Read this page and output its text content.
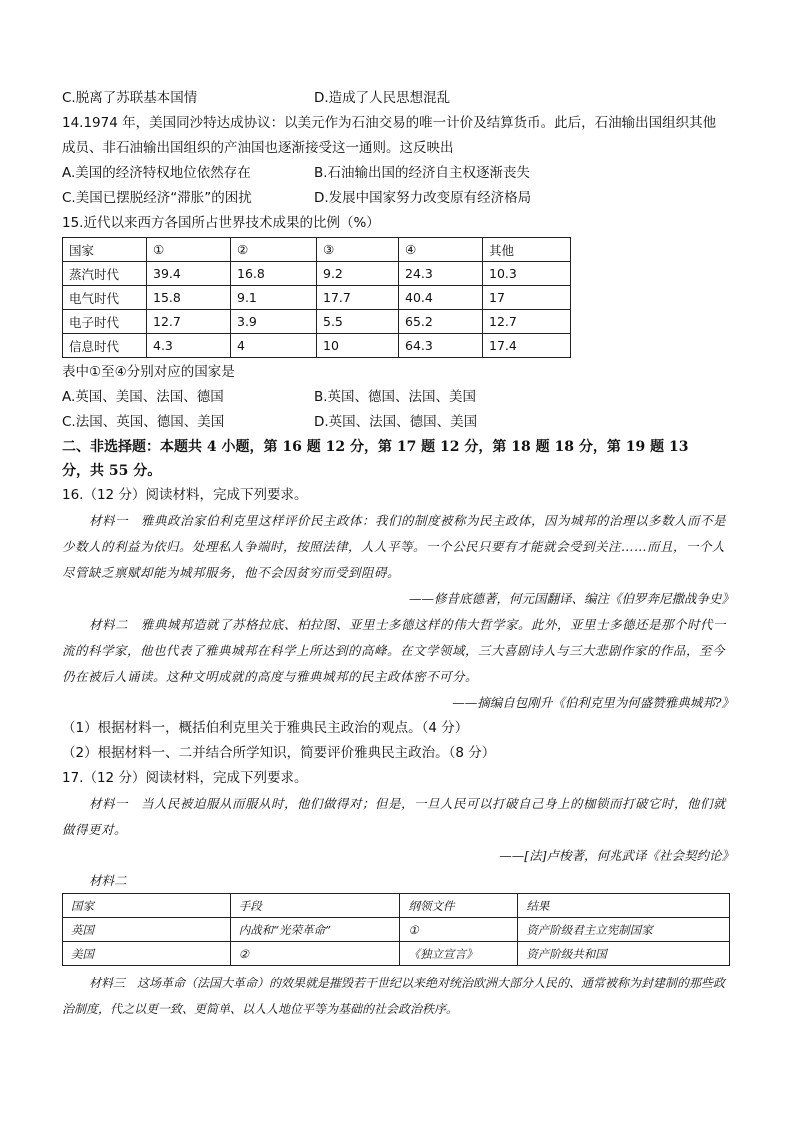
C.脱离了苏联基本国情	D.造成了人民思想混乱
14.1974 年，美国同沙特达成协议：以美元作为石油交易的唯一计价及结算货币。此后，石油输出国组织其他
成员、非石油输出国组织的产油国也逐渐接受这一通则。这反映出
A.美国的经济特权地位依然存在	B.石油输出国的经济自主权逐渐丧失
C.美国已摆脱经济“滞胀”的困扰	D.发展中国家努力改变原有经济格局
15.近代以来西方各国所占世界技术成果的比例（%）
国家	①	②	③	④	其他
蒸汽时代	39.4	16.8	9.2	24.3	10.3
电气时代	15.8	9.1	17.7	40.4	17
电子时代	12.7	3.9	5.5	65.2	12.7
信息时代	4.3	4	10	64.3	17.4
表中①至④分别对应的国家是
A.英国、美国、法国、德国	B.英国、德国、法国、美国
C.法国、英国、德国、美国	D.英国、法国、德国、美国
二、非选择题：本题共 4 小题，第 16 题 12 分，第 17 题 12 分，第 18 题 18 分，第 19 题 13
分，共 55 分。
16.（12 分）阅读材料，完成下列要求。
材料一　雅典政治家伯利克里这样评价民主政体：我们的制度被称为民主政体，因为城邦的治理以多数人而不是少数人的利益为依归。处理私人争端时，按照法律，人人平等。一个公民只要有才能就会受到关注……而且，一个人尽管缺乏禀赋却能为城邦服务，他不会因贫穷而受到阻碍。
——修昔底德著，何元国翻译、编注《伯罗奔尼撒战争史》
材料二　雅典城邦造就了苏格拉底、柏拉图、亚里士多德这样的伟大哲学家。此外，亚里士多德还是那个时代一流的科学家，他也代表了雅典城邦在科学上所达到的高峰。在文学领域，三大喜剧诗人与三大悲剧作家的作品，至今仍在被后人诵读。这种文明成就的高度与雅典城邦的民主政体密不可分。
——摘编自包刚升《伯利克里为何盛赞雅典城邦?》
（1）根据材料一，概括伯利克里关于雅典民主政治的观点。（4 分）
（2）根据材料一、二并结合所学知识，简要评价雅典民主政治。（8 分）
17.（12 分）阅读材料，完成下列要求。
材料一　当人民被迫服从而服从时，他们做得对；但是，一旦人民可以打破自己身上的枷锁而打破它时，他们就做得更对。
——[法]卢梭著，何兆武译《社会契约论》
材料二
国家	手段	纲领文件	结果
英国	内战和“光荣革命”	①	资产阶级君主立宪制国家
美国	②	《独立宣言》	资产阶级共和国
材料三　这场革命（法国大革命）的效果就是摧毁若干世纪以来绝对统治欧洲大部分人民的、通常被称为封建制的那些政治制度，代之以更一致、更简单、以人人地位平等为基础的社会政治秩序。
